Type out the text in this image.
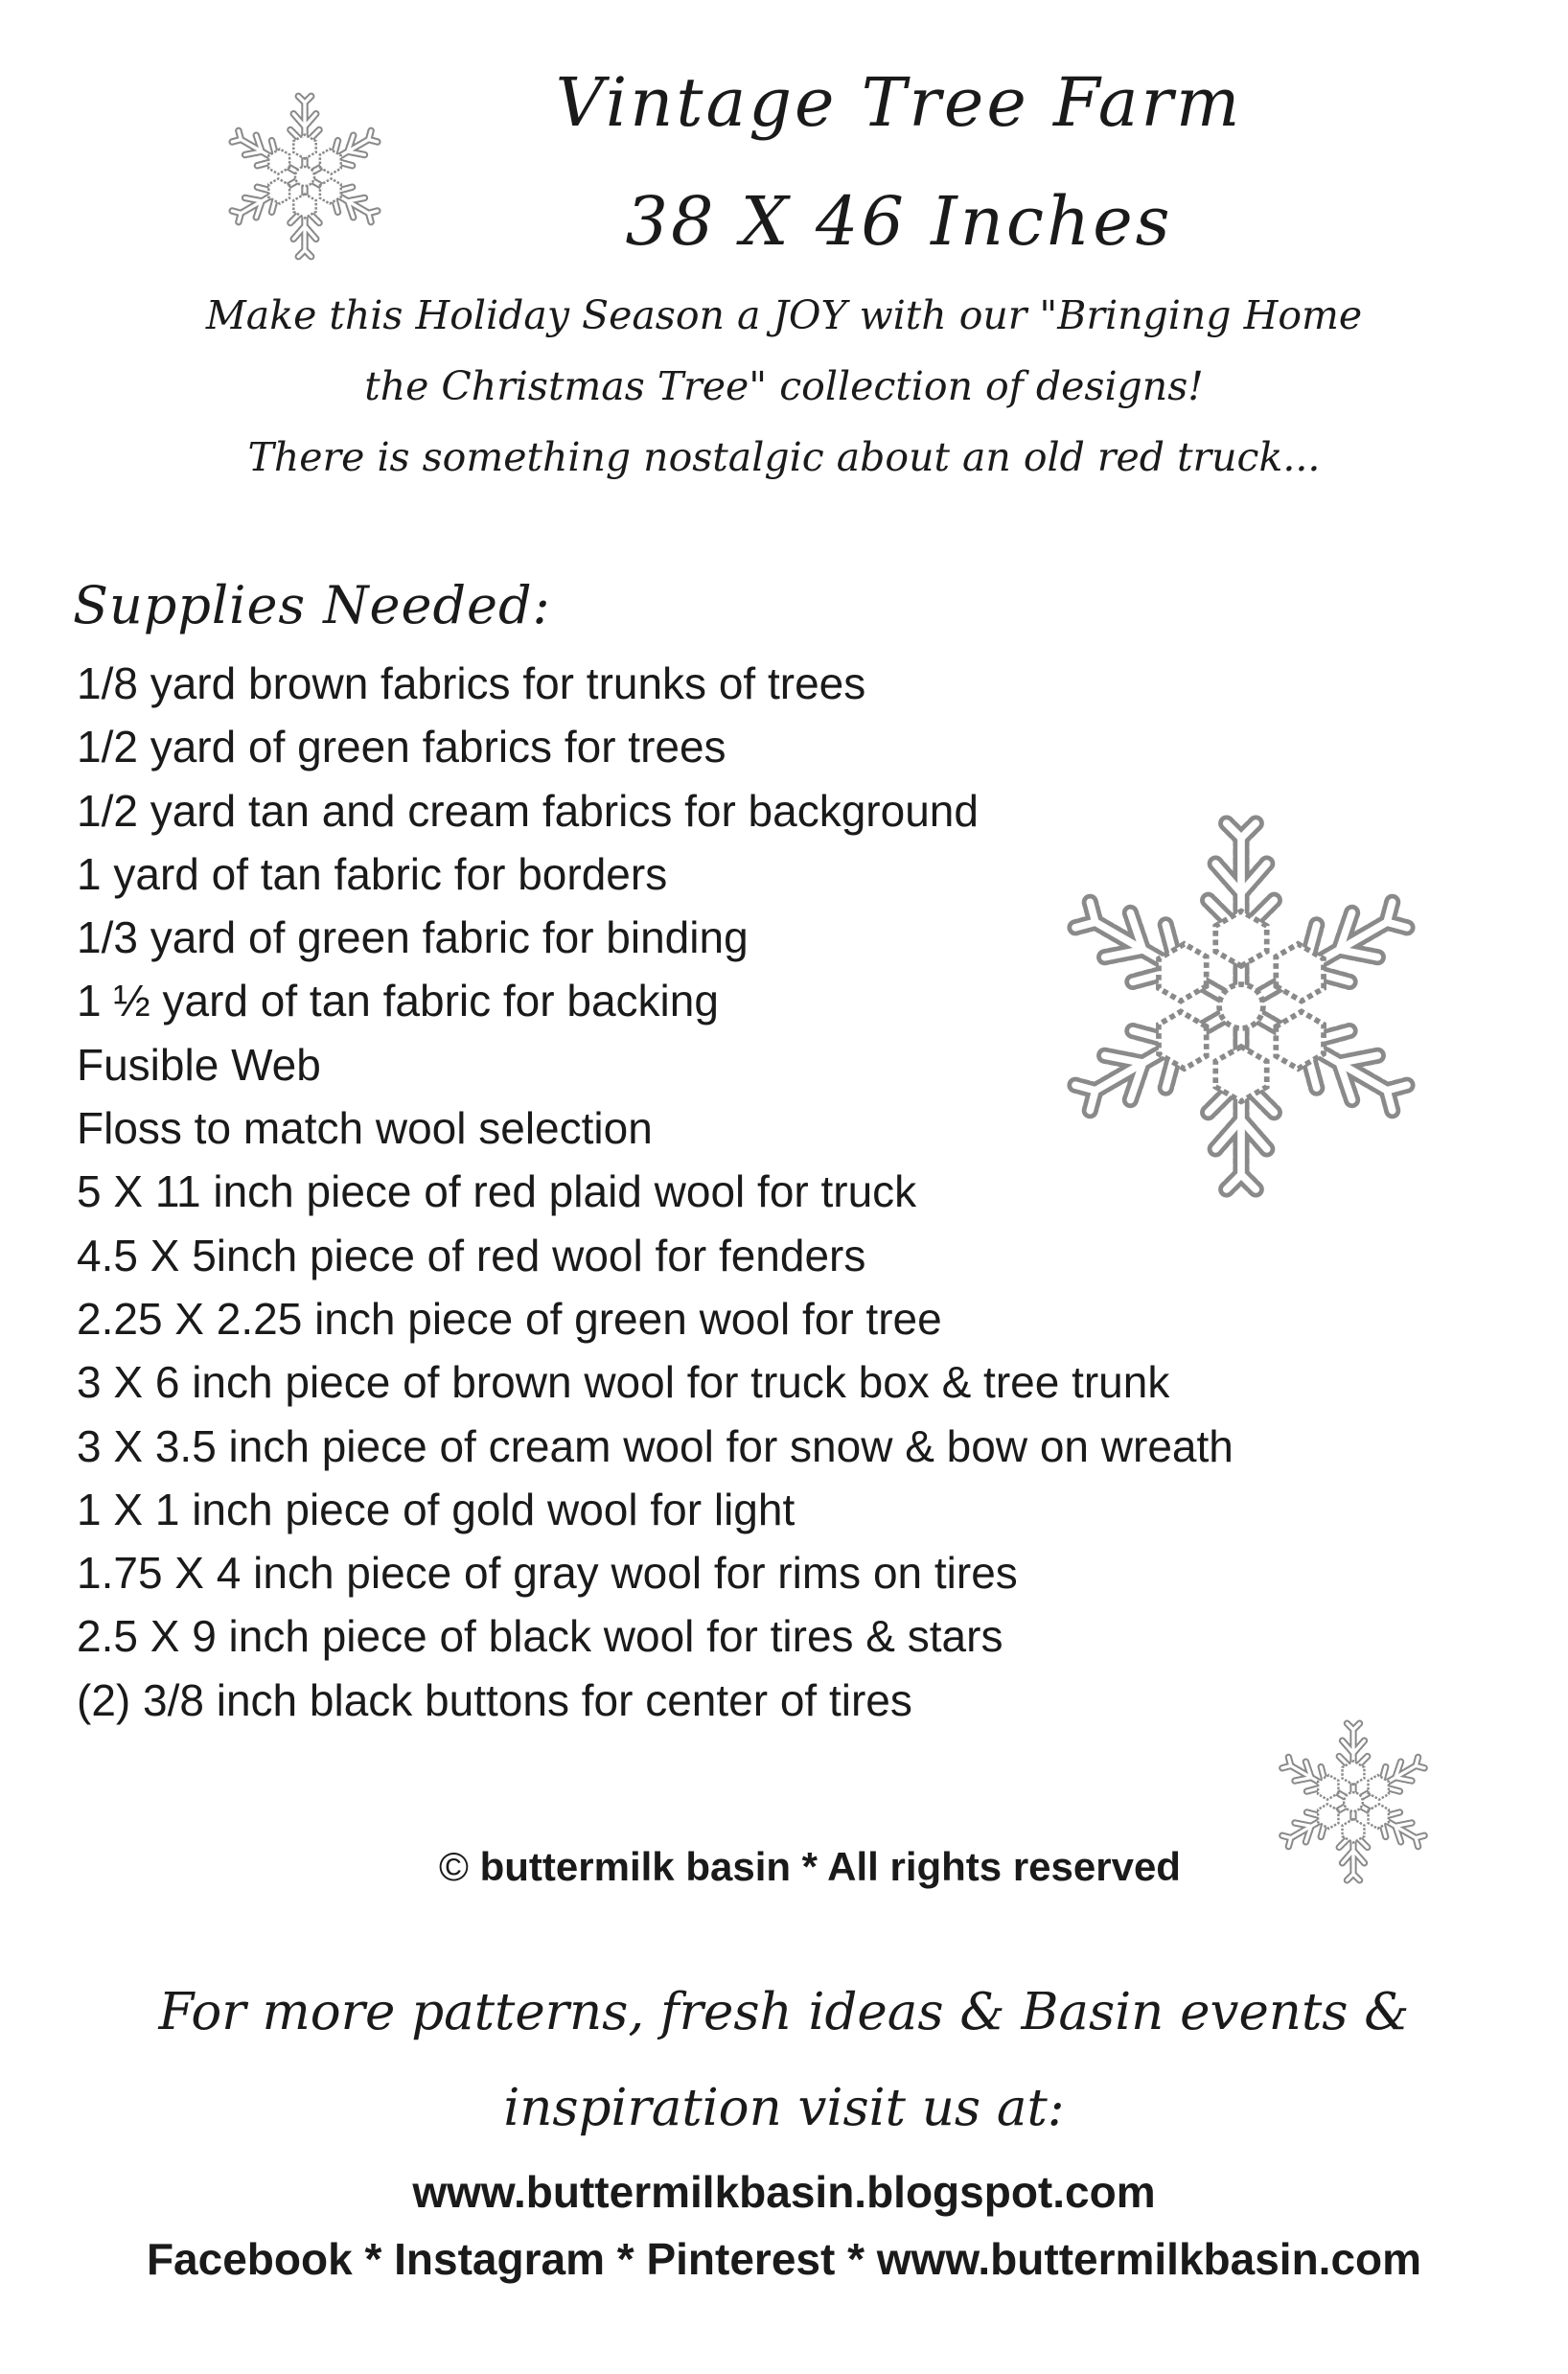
Vintage Tree Farm
38 X 46 Inches
Make this Holiday Season a JOY with our "Bringing Home
the Christmas Tree" collection of designs!
There is something nostalgic about an old red truck...
Supplies Needed:
1/8 yard brown fabrics for trunks of trees
1/2 yard of green fabrics for trees
1/2 yard tan and cream fabrics for background
1 yard of tan fabric for borders
1/3 yard of green fabric for binding
1 ½ yard of tan fabric for backing
Fusible Web
Floss to match wool selection
5 X 11 inch piece of red plaid wool for truck
4.5 X 5inch piece of red wool for fenders
2.25 X 2.25 inch piece of green wool for tree
3 X 6 inch piece of brown wool for truck box & tree trunk
3 X 3.5 inch piece of cream wool for snow & bow on wreath
1 X 1 inch piece of gold wool for light
1.75 X 4 inch piece of gray wool for rims on tires
2.5 X 9 inch piece of black wool for tires & stars
(2) 3/8 inch black buttons for center of tires
© buttermilk basin * All rights reserved
For more patterns, fresh ideas & Basin events &
inspiration visit us at:
www.buttermilkbasin.blogspot.com
Facebook * Instagram * Pinterest * www.buttermilkbasin.com
